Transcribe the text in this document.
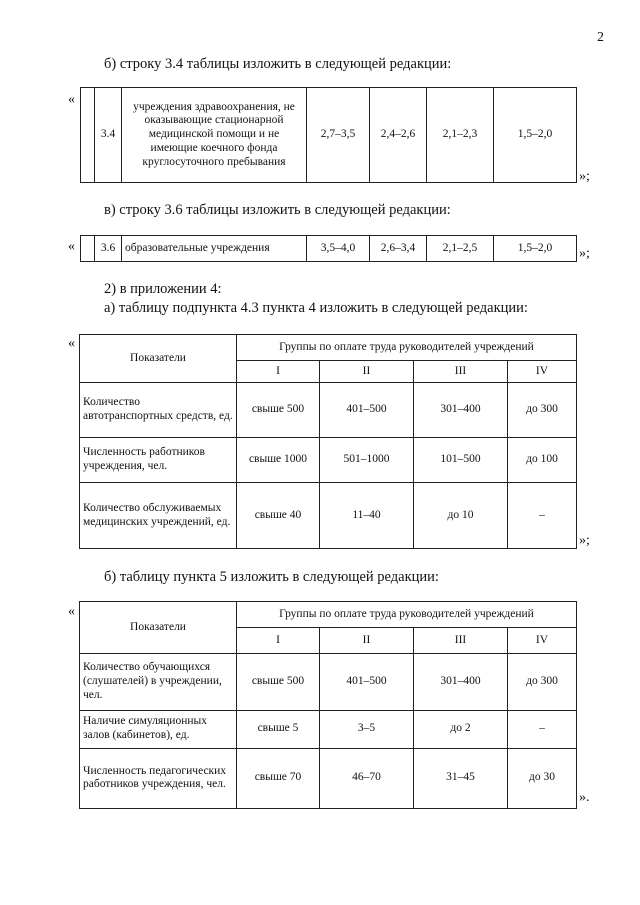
2
б) строку 3.4 таблицы изложить в следующей редакции:
«
	3.4	учреждения здравоохранения, не оказывающие стационарной медицинской помощи и не имеющие коечного фонда круглосуточного пребывания	2,7–3,5	2,4–2,6	2,1–2,3	1,5–2,0
»;
в) строку 3.6 таблицы изложить в следующей редакции:
«
	3.6	образовательные учреждения	3,5–4,0	2,6–3,4	2,1–2,5	1,5–2,0 »;
2) в приложении 4:
а) таблицу подпункта 4.3 пункта 4 изложить в следующей редакции:
«
Показатели	Группы по оплате труда руководителей учреждений			
	I	II	III	IV
Количество автотранспортных средств, ед.	свыше 500	401–500	301–400	до 300
Численность работников учреждения, чел.	свыше 1000	501–1000	101–500	до 100
Количество обслуживаемых медицинских учреждений, ед.	свыше 40	11–40	до 10	–
»;
б) таблицу пункта 5 изложить в следующей редакции:
«
Показатели	Группы по оплате труда руководителей учреждений			
	I	II	III	IV
Количество обучающихся (слушателей) в учреждении, чел.	свыше 500	401–500	301–400	до 300
Наличие симуляционных залов (кабинетов), ед.	свыше 5	3–5	до 2	–
Численность педагогических работников учреждения, чел.	свыше 70	46–70	31–45	до 30
».
